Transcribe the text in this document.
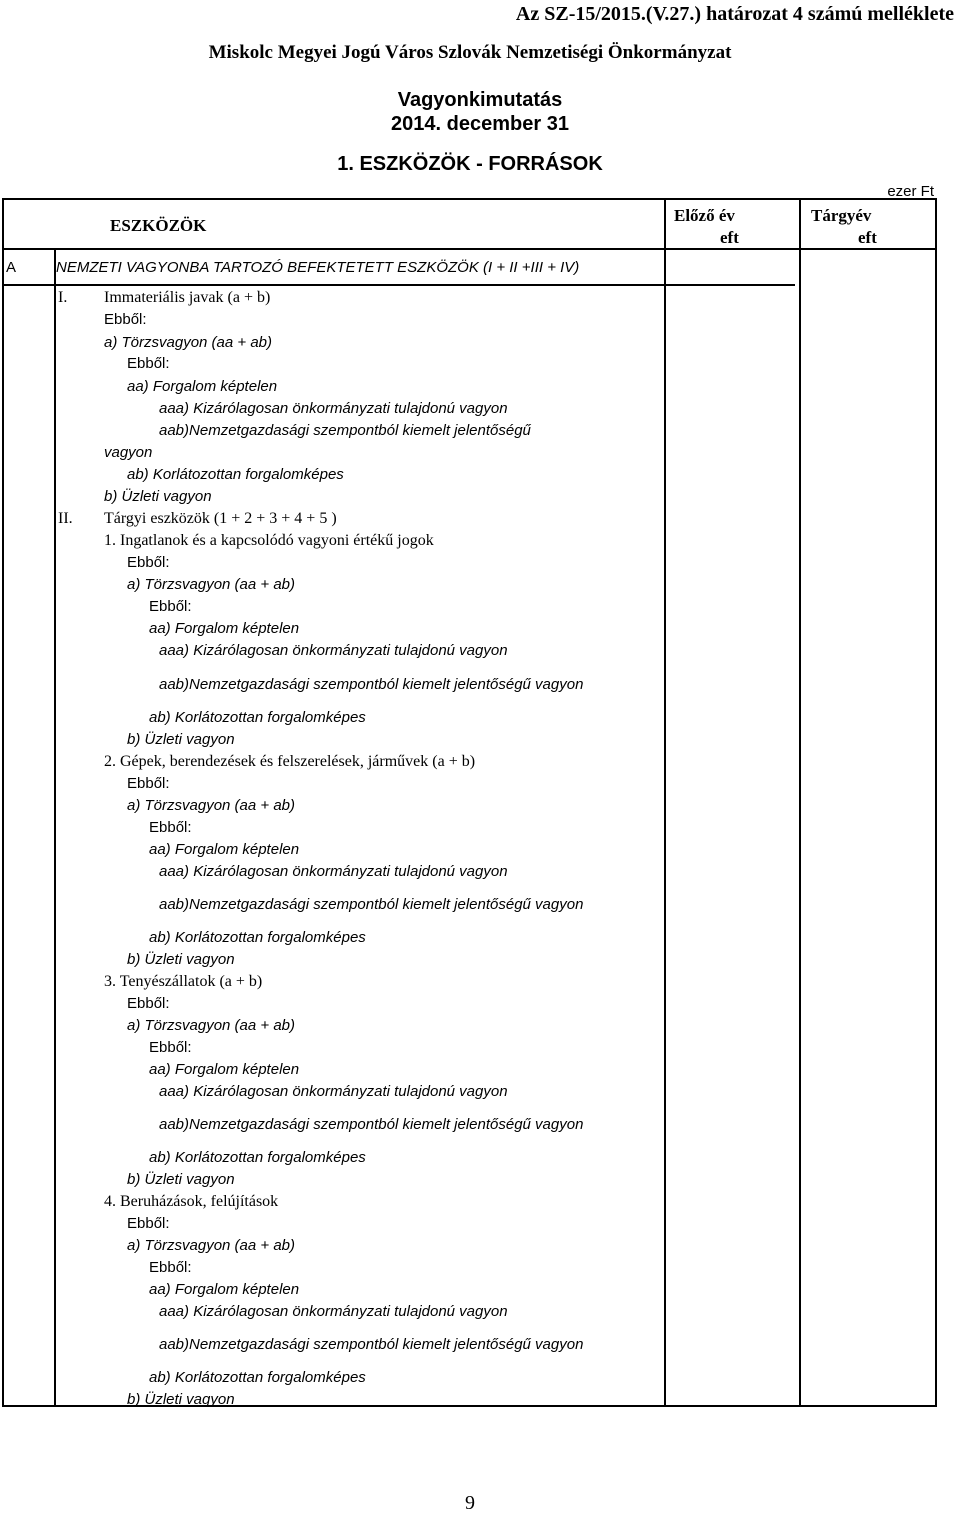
Az SZ-15/2015.(V.27.) határozat 4 számú melléklete
Miskolc Megyei Jogú Város Szlovák Nemzetiségi Önkormányzat
Vagyonkimutatás
2014. december 31
1. ESZKÖZÖK - FORRÁSOK
ezer Ft
ESZKÖZÖK
Előző év
eft
Tárgyév
eft
A	NEMZETI VAGYONBA TARTOZÓ BEFEKTETETT ESZKÖZÖK (I + II +III + IV)
I. Immateriális javak (a + b)
Ebből:
a) Törzsvagyon (aa + ab)
Ebből:
aa) Forgalom képtelen
aaa) Kizárólagosan önkormányzati tulajdonú vagyon
aab)Nemzetgazdasági szempontból kiemelt jelentőségű
vagyon
ab) Korlátozottan forgalomképes
b) Üzleti vagyon
II. Tárgyi eszközök (1 + 2 + 3 + 4 + 5 )
1. Ingatlanok és a kapcsolódó vagyoni értékű jogok
Ebből:
a) Törzsvagyon (aa + ab)
Ebből:
aa) Forgalom képtelen
aaa) Kizárólagosan önkormányzati tulajdonú vagyon
aab)Nemzetgazdasági szempontból kiemelt jelentőségű vagyon
ab) Korlátozottan forgalomképes
b) Üzleti vagyon
2. Gépek, berendezések és felszerelések, járművek (a + b)
Ebből:
a) Törzsvagyon (aa + ab)
Ebből:
aa) Forgalom képtelen
aaa) Kizárólagosan önkormányzati tulajdonú vagyon
aab)Nemzetgazdasági szempontból kiemelt jelentőségű vagyon
ab) Korlátozottan forgalomképes
b) Üzleti vagyon
3. Tenyészállatok (a + b)
Ebből:
a) Törzsvagyon (aa + ab)
Ebből:
aa) Forgalom képtelen
aaa) Kizárólagosan önkormányzati tulajdonú vagyon
aab)Nemzetgazdasági szempontból kiemelt jelentőségű vagyon
ab) Korlátozottan forgalomképes
b) Üzleti vagyon
4. Beruházások, felújítások
Ebből:
a) Törzsvagyon (aa + ab)
Ebből:
aa) Forgalom képtelen
aaa) Kizárólagosan önkormányzati tulajdonú vagyon
aab)Nemzetgazdasági szempontból kiemelt jelentőségű vagyon
ab) Korlátozottan forgalomképes
b) Üzleti vagyon
9
